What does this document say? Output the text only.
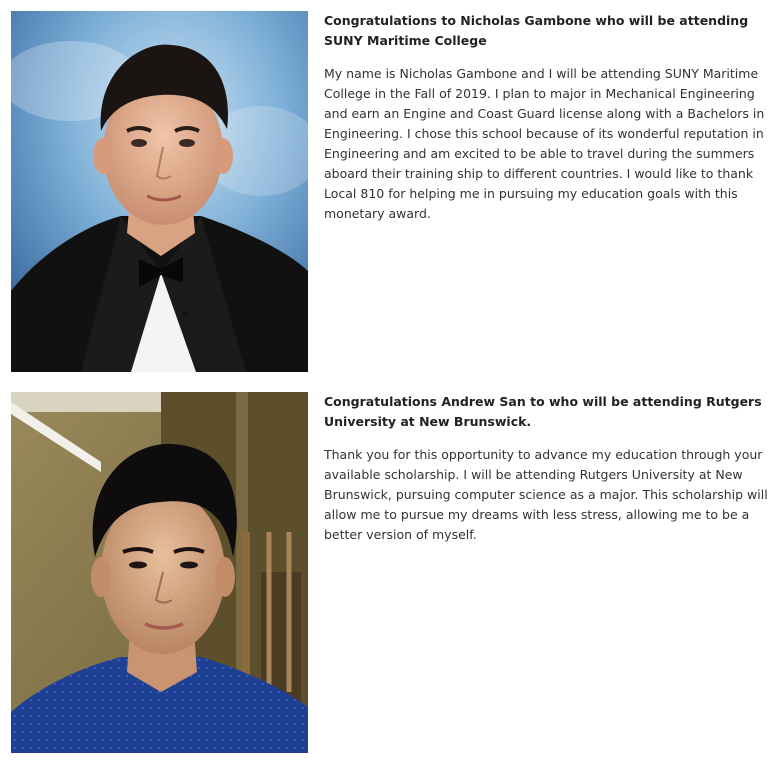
Congratulations to Nicholas Gambone who will be attending SUNY Maritime College

My name is Nicholas Gambone and I will be attending SUNY Maritime College in the Fall of 2019. I plan to major in Mechanical Engineering and earn an Engine and Coast Guard license along with a Bachelors in Engineering. I chose this school because of its wonderful reputation in Engineering and am excited to be able to travel during the summers aboard their training ship to different countries. I would like to thank Local 810 for helping me in pursuing my education goals with this monetary award.

Congratulations Andrew San to who will be attending Rutgers University at New Brunswick.

Thank you for this opportunity to advance my education through your available scholarship. I will be attending Rutgers University at New Brunswick, pursuing computer science as a major. This scholarship will allow me to pursue my dreams with less stress, allowing me to be a better version of myself.
